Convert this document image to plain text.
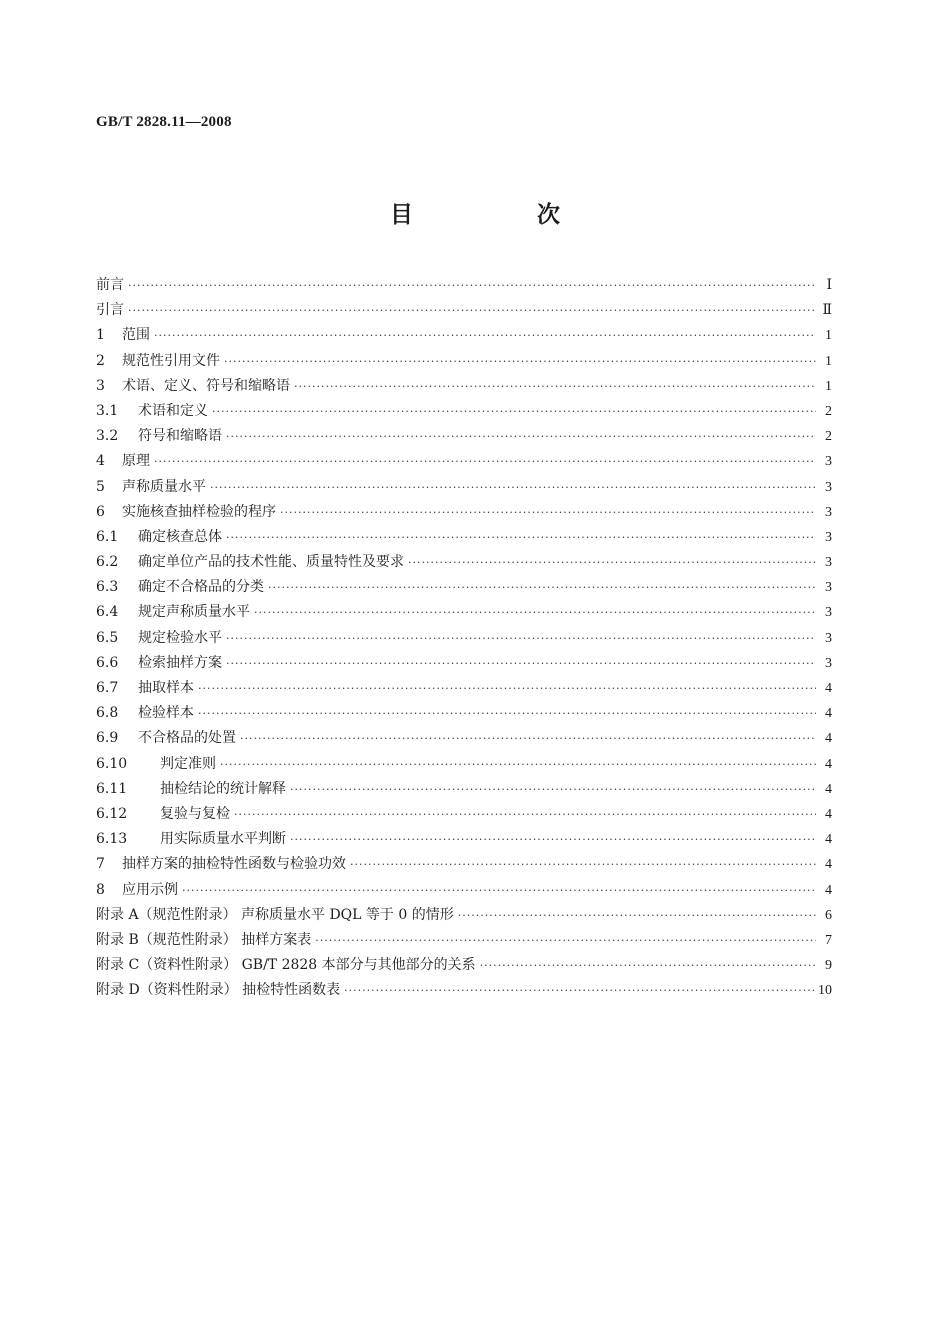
GB/T 2828.11—2008
目 次
前言 ·····	Ⅰ
引言 ·····	Ⅱ
1	范围 ·····	1
2	规范性引用文件 ·····	1
3	术语、定义、符号和缩略语 ·····	1
3.1	术语和定义 ·····	2
3.2	符号和缩略语 ·····	2
4	原理 ·····	3
5	声称质量水平 ·····	3
6	实施核查抽样检验的程序 ·····	3
6.1	确定核查总体 ·····	3
6.2	确定单位产品的技术性能、质量特性及要求 ·····	3
6.3	确定不合格品的分类 ·····	3
6.4	规定声称质量水平 ·····	3
6.5	规定检验水平 ·····	3
6.6	检索抽样方案 ·····	3
6.7	抽取样本 ·····	4
6.8	检验样本 ·····	4
6.9	不合格品的处置 ·····	4
6.10	判定准则 ·····	4
6.11	抽检结论的统计解释 ·····	4
6.12	复验与复检 ·····	4
6.13	用实际质量水平判断 ·····	4
7	抽样方案的抽检特性函数与检验功效 ·····	4
8	应用示例 ·····	4
附录 A（规范性附录） 声称质量水平 DQL 等于 0 的情形 ·····	6
附录 B（规范性附录） 抽样方案表 ·····	7
附录 C（资料性附录） GB/T 2828 本部分与其他部分的关系 ·····	9
附录 D（资料性附录） 抽检特性函数表 ·····	10
